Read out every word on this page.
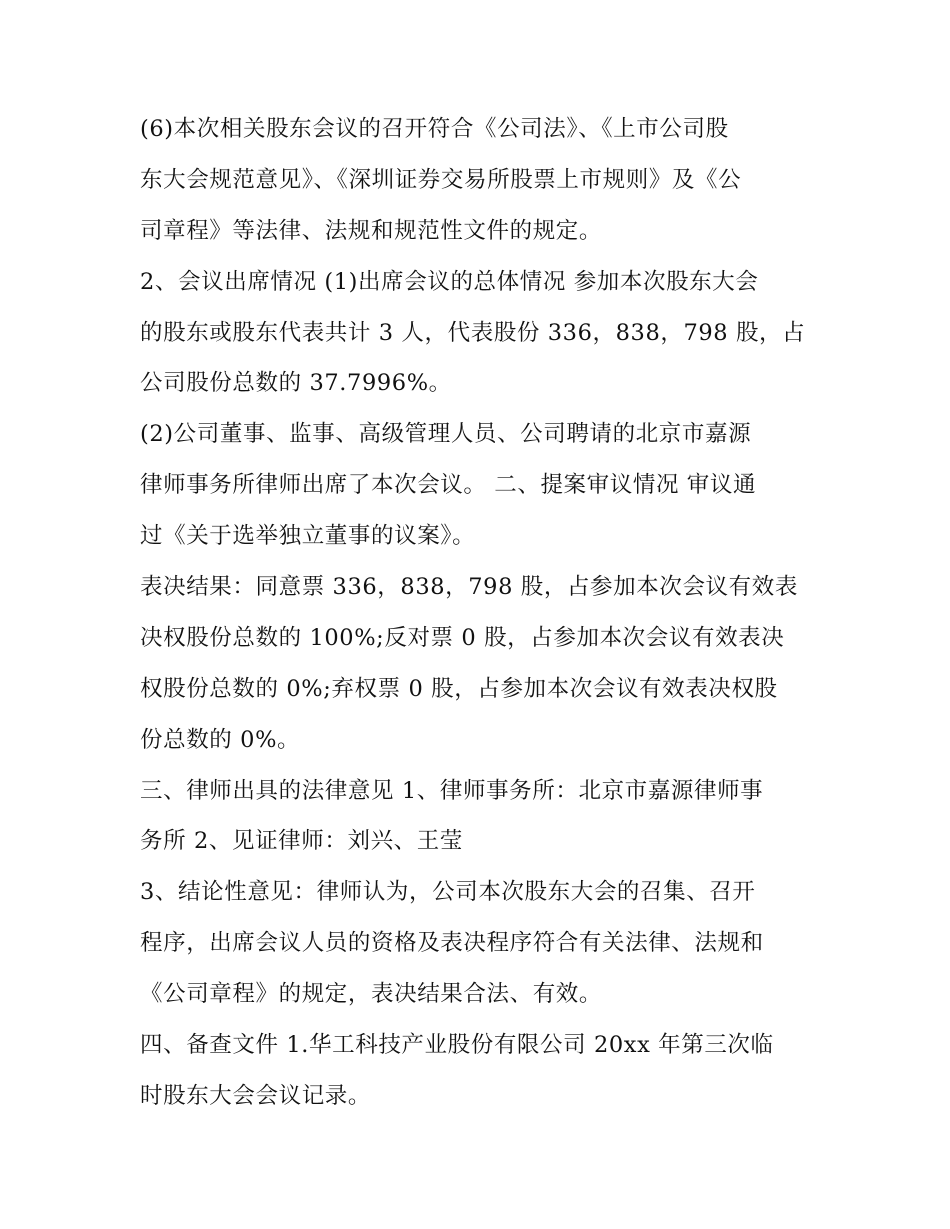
(6)本次相关股东会议的召开符合《公司法》、《上市公司股
东大会规范意见》、《深圳证券交易所股票上市规则》及《公
司章程》等法律、法规和规范性文件的规定。
2、会议出席情况 (1)出席会议的总体情况 参加本次股东大会
的股东或股东代表共计 3 人，代表股份 336，838，798 股，占
公司股份总数的 37.7996%。
(2)公司董事、监事、高级管理人员、公司聘请的北京市嘉源
律师事务所律师出席了本次会议。 二、提案审议情况 审议通
过《关于选举独立董事的议案》。
表决结果：同意票 336，838，798 股，占参加本次会议有效表
决权股份总数的 100%;反对票 0 股，占参加本次会议有效表决
权股份总数的 0%;弃权票 0 股，占参加本次会议有效表决权股
份总数的 0%。
三、律师出具的法律意见 1、律师事务所：北京市嘉源律师事
务所 2、见证律师：刘兴、王莹
3、结论性意见：律师认为，公司本次股东大会的召集、召开
程序，出席会议人员的资格及表决程序符合有关法律、法规和
《公司章程》的规定，表决结果合法、有效。
四、备查文件 1.华工科技产业股份有限公司 20xx 年第三次临
时股东大会会议记录。
